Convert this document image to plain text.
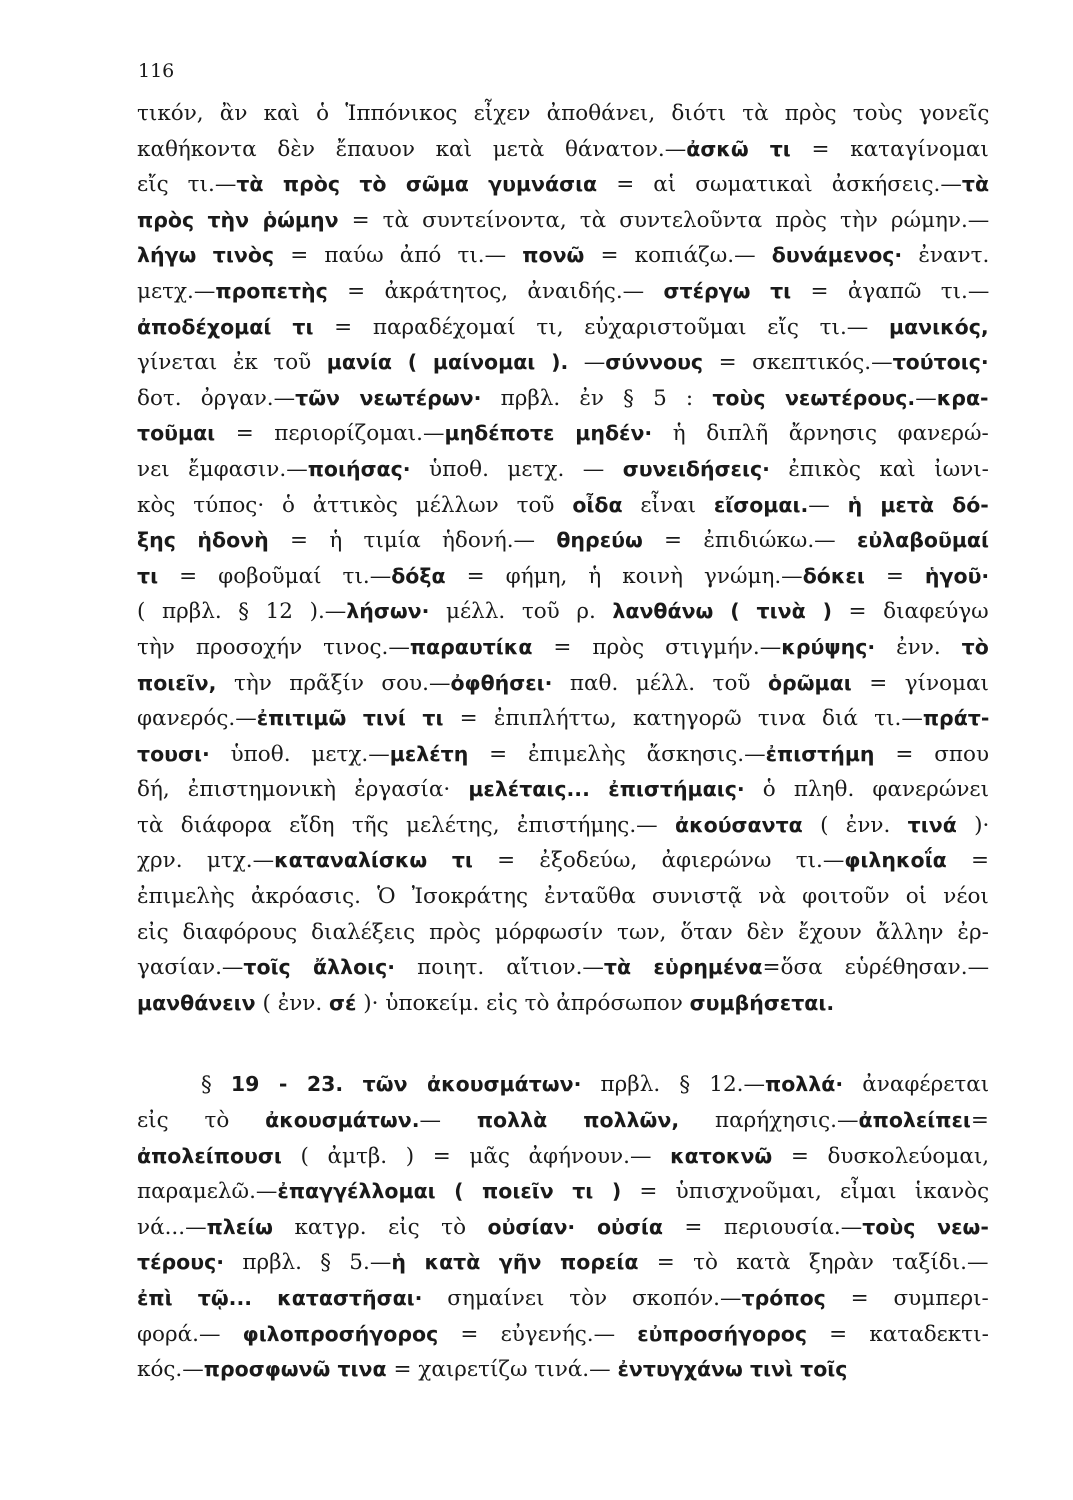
116
τικόν, ἂν καὶ ὁ Ἱππόνικος εἶχεν ἀποθάνει, διότι τὰ πρὸς τοὺς γονεῖς
καθήκοντα δὲν ἔπαυον καὶ μετὰ θάνατον.—ἀσκῶ τι = καταγίνομαι
εἴς τι.—τὰ πρὸς τὸ σῶμα γυμνάσια = αἱ σωματικαὶ ἀσκήσεις.—τὰ
πρὸς τὴν ῥώμην = τὰ συντείνοντα, τὰ συντελοῦντα πρὸς τὴν ρώμην.—
λήγω τινὸς = παύω ἀπό τι.— πονῶ = κοπιάζω.— δυνάμενος· ἐναντ.
μετχ.—προπετὴς = ἀκράτητος, ἀναιδής.— στέργω τι = ἀγαπῶ τι.—
ἀποδέχομαί τι = παραδέχομαί τι, εὐχαριστοῦμαι εἴς τι.— μανικός,
γίνεται ἐκ τοῦ μανία ( μαίνομαι ). —σύννους = σκεπτικός.—τούτοις·
δοτ. ὀργαν.—τῶν νεωτέρων· πρβλ. ἐν § 5 : τοὺς νεωτέρους.—κρα-
τοῦμαι = περιορίζομαι.—μηδέποτε μηδέν· ἡ διπλῆ ἄρνησις φανερώ-
νει ἔμφασιν.—ποιήσας· ὑποθ. μετχ. — συνειδήσεις· ἐπικὸς καὶ ἰωνι-
κὸς τύπος· ὁ ἀττικὸς μέλλων τοῦ οἶδα εἶναι εἴσομαι.— ἡ μετὰ δό-
ξης ἡδονὴ = ἡ τιμία ἡδονή.— θηρεύω = ἐπιδιώκω.— εὐλαβοῦμαί
τι = φοβοῦμαί τι.—δόξα = φήμη, ἡ κοινὴ γνώμη.—δόκει = ἡγοῦ·
( πρβλ. § 12 ).—λήσων· μέλλ. τοῦ ρ. λανθάνω ( τινὰ ) = διαφεύγω
τὴν προσοχήν τινος.—παραυτίκα = πρὸς στιγμήν.—κρύψης· ἐνν. τὸ
ποιεῖν, τὴν πρᾶξίν σου.—ὀφθήσει· παθ. μέλλ. τοῦ ὁρῶμαι = γίνομαι
φανερός.—ἐπιτιμῶ τινί τι = ἐπιπλήττω, κατηγορῶ τινα διά τι.—πράτ-
τουσι· ὑποθ. μετχ.—μελέτη = ἐπιμελὴς ἄσκησις.—ἐπιστήμη = σπου
δή, ἐπιστημονικὴ ἐργασία· μελέταις... ἐπιστήμαις· ὁ πληθ. φανερώνει
τὰ διάφορα εἴδη τῆς μελέτης, ἐπιστήμης.— ἀκούσαντα ( ἐνν. τινά )·
χρν. μτχ.—καταναλίσκω τι = ἐξοδεύω, ἀφιερώνω τι.—φιληκοΐα =
ἐπιμελὴς ἀκρόασις. Ὁ Ἰσοκράτης ἐνταῦθα συνιστᾷ νὰ φοιτοῦν οἱ νέοι
εἰς διαφόρους διαλέξεις πρὸς μόρφωσίν των, ὅταν δὲν ἔχουν ἄλλην ἐρ-
γασίαν.—τοῖς ἄλλοις· ποιητ. αἴτιον.—τὰ εὑρημένα=ὅσα εὑρέθησαν.—
μανθάνειν ( ἐνν. σέ )· ὑποκείμ. εἰς τὸ ἀπρόσωπον συμβήσεται.
§ 19 - 23. τῶν ἀκουσμάτων· πρβλ. § 12.—πολλά· ἀναφέρεται
εἰς τὸ ἀκουσμάτων.— πολλὰ πολλῶν, παρήχησις.—ἀπολείπει=
ἀπολείπουσι ( ἀμτβ. ) = μᾶς ἀφήνουν.— κατοκνῶ = δυσκολεύομαι,
παραμελῶ.—ἐπαγγέλλομαι ( ποιεῖν τι ) = ὑπισχνοῦμαι, εἶμαι ἱκανὸς
νά...—πλείω κατγρ. εἰς τὸ οὐσίαν· οὐσία = περιουσία.—τοὺς νεω-
τέρους· πρβλ. § 5.—ἡ κατὰ γῆν πορεία = τὸ κατὰ ξηρὰν ταξίδι.—
ἐπὶ τῷ... καταστῆσαι· σημαίνει τὸν σκοπόν.—τρόπος = συμπερι-
φορά.— φιλοπροσήγορος = εὐγενής.— εὐπροσήγορος = καταδεκτι-
κός.—προσφωνῶ τινα = χαιρετίζω τινά.— ἐντυγχάνω τινὶ τοῖς
